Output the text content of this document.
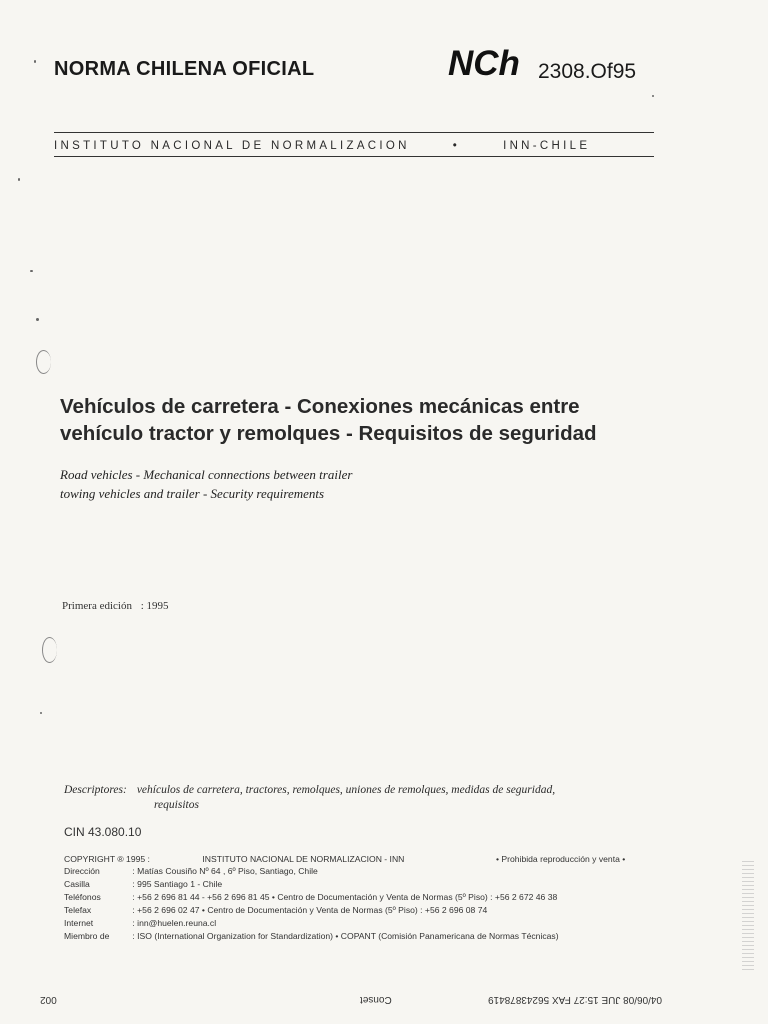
NORMA CHILENA OFICIAL	NCh 2308.Of95
INSTITUTO NACIONAL DE NORMALIZACION	•	INN-CHILE
Vehículos de carretera - Conexiones mecánicas entre
vehículo tractor y remolques - Requisitos de seguridad
Road vehicles - Mechanical connections between trailer
towing vehicles and trailer - Security requirements
Primera edición : 1995
Descriptores: vehículos de carretera, tractores, remolques, uniones de remolques, medidas de seguridad,
requisitos
CIN 43.080.10
COPYRIGHT ® 1995 :	INSTITUTO NACIONAL DE NORMALIZACION - INN	• Prohibida reproducción y venta •
Dirección	: Matías Cousiño Nº 64 , 6º Piso, Santiago, Chile
Casilla	: 995 Santiago 1 - Chile
Teléfonos	: +56 2 696 81 44 - +56 2 696 81 45 • Centro de Documentación y Venta de Normas (5º Piso) : +56 2 672 46 38
Telefax	: +56 2 696 02 47 • Centro de Documentación y Venta de Normas (5º Piso) : +56 2 696 08 74
Internet	: inn@huelen.reuna.cl
Miembro de	: ISO (International Organization for Standardization) • COPANT (Comisión Panamericana de Normas Técnicas)
002	Conset	04/06/08 JUE 15:27 FAX 56243878419
